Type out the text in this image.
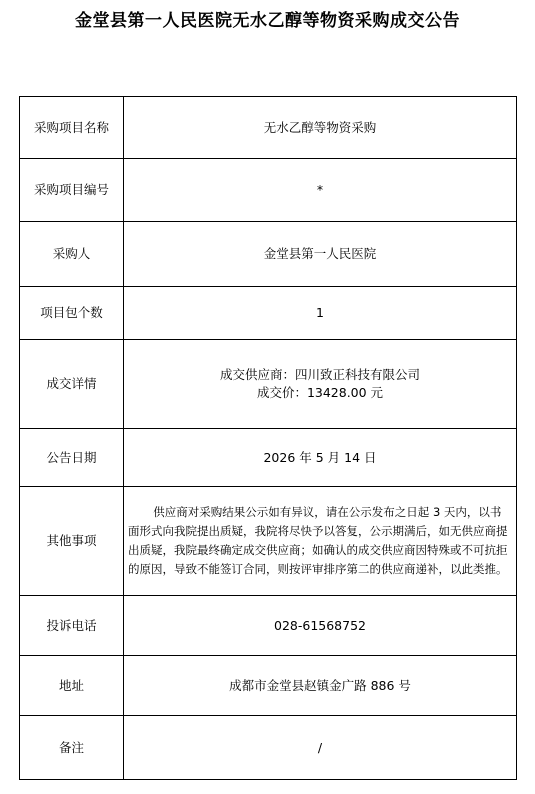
金堂县第一人民医院无水乙醇等物资采购成交公告
采购项目名称	无水乙醇等物资采购
采购项目编号	*
采购人	金堂县第一人民医院
项目包个数	1
成交详情	成交供应商：四川致正科技有限公司
成交价：13428.00 元

公告日期	2026 年 5 月 14 日
其他事项	供应商对采购结果公示如有异议，请在公示发布之日起 3 天内，以书面形式向我院提出质疑，我院将尽快予以答复，公示期满后，如无供应商提出质疑，我院最终确定成交供应商；如确认的成交供应商因特殊或不可抗拒的原因，导致不能签订合同，则按评审排序第二的供应商递补，以此类推。

投诉电话	028-61568752
地址	成都市金堂县赵镇金广路 886 号
备注	/
